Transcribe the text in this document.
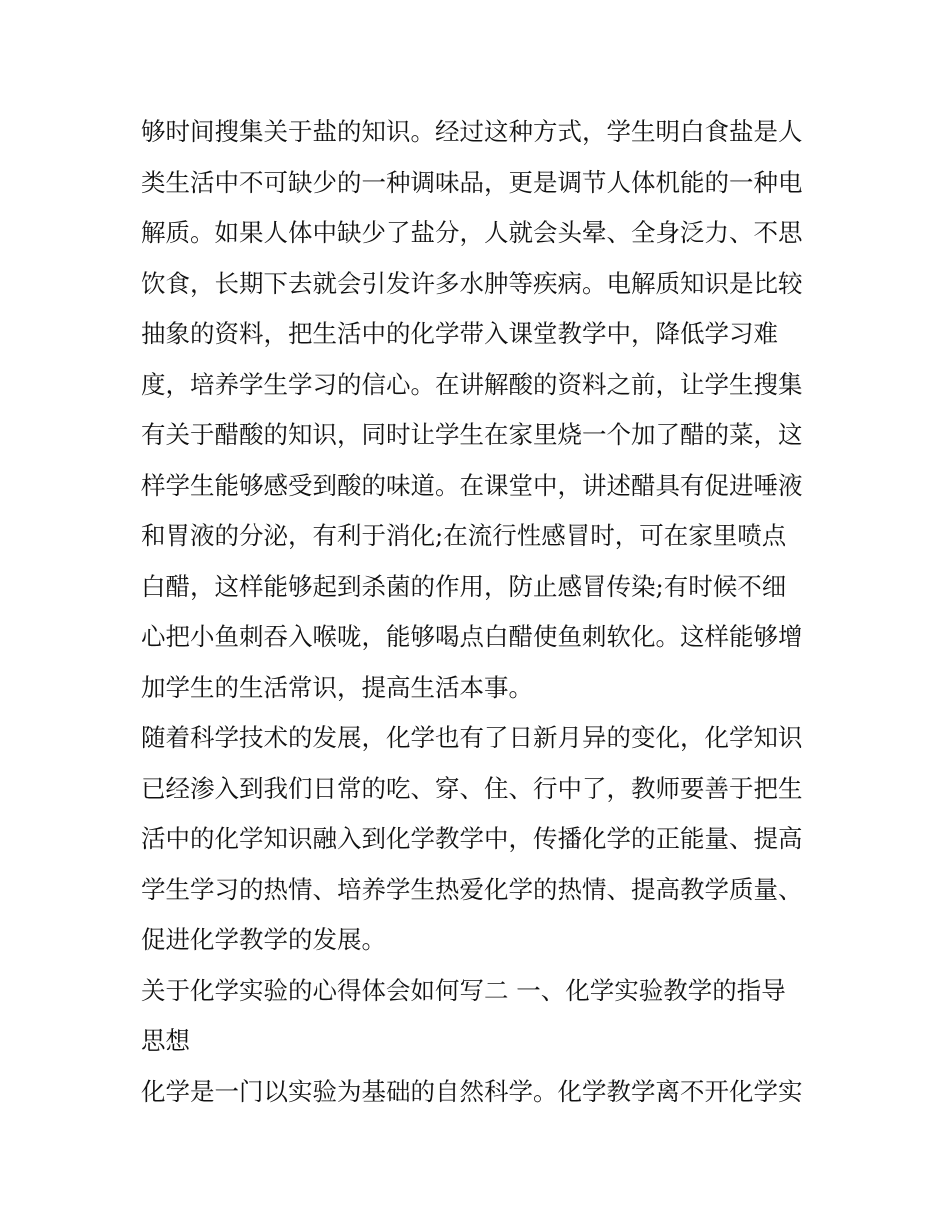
够时间搜集关于盐的知识。经过这种方式，学生明白食盐是人
类生活中不可缺少的一种调味品，更是调节人体机能的一种电
解质。如果人体中缺少了盐分，人就会头晕、全身泛力、不思
饮食，长期下去就会引发许多水肿等疾病。电解质知识是比较
抽象的资料，把生活中的化学带入课堂教学中，降低学习难
度，培养学生学习的信心。在讲解酸的资料之前，让学生搜集
有关于醋酸的知识，同时让学生在家里烧一个加了醋的菜，这
样学生能够感受到酸的味道。在课堂中，讲述醋具有促进唾液
和胃液的分泌，有利于消化;在流行性感冒时，可在家里喷点
白醋，这样能够起到杀菌的作用，防止感冒传染;有时候不细
心把小鱼刺吞入喉咙，能够喝点白醋使鱼刺软化。这样能够增
加学生的生活常识，提高生活本事。
随着科学技术的发展，化学也有了日新月异的变化，化学知识
已经渗入到我们日常的吃、穿、住、行中了，教师要善于把生
活中的化学知识融入到化学教学中，传播化学的正能量、提高
学生学习的热情、培养学生热爱化学的热情、提高教学质量、
促进化学教学的发展。
关于化学实验的心得体会如何写二 一、化学实验教学的指导
思想
化学是一门以实验为基础的自然科学。化学教学离不开化学实
